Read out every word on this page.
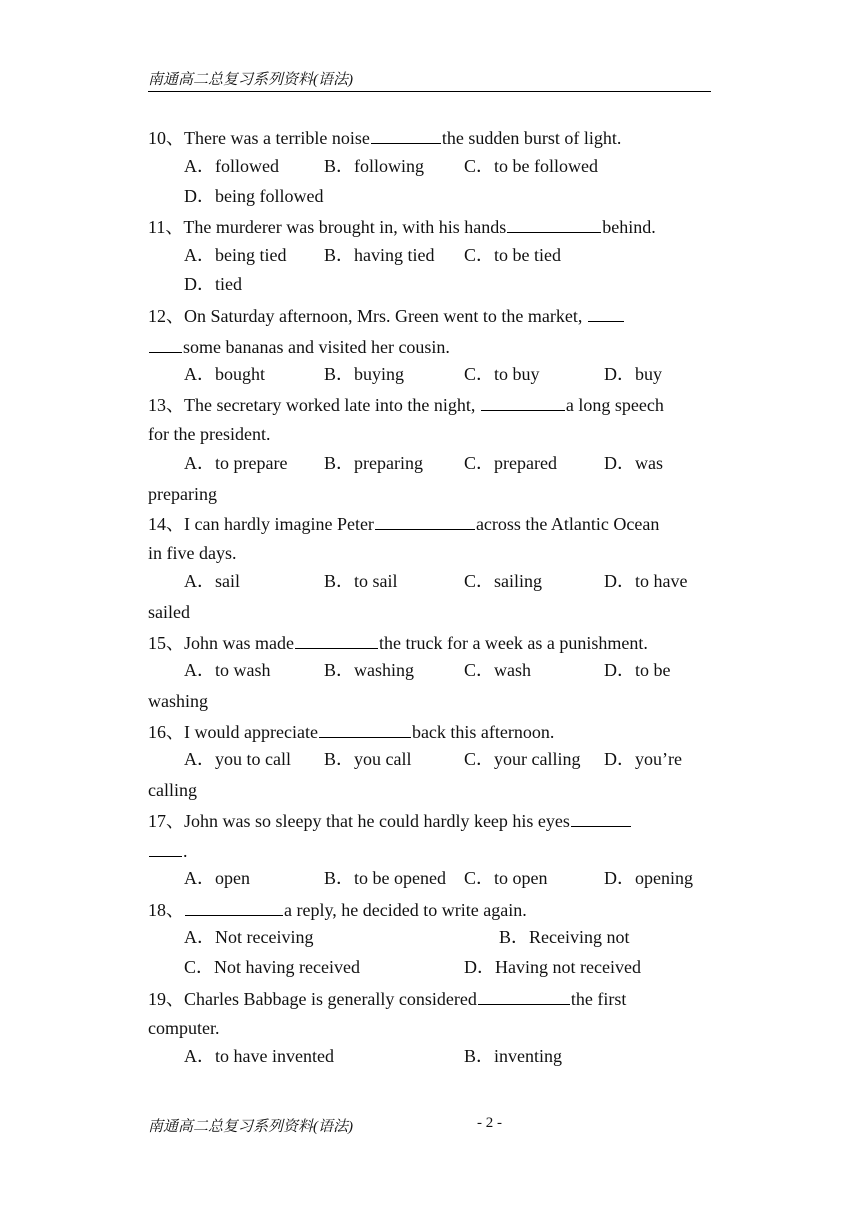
南通高二总复习系列资料(语法)
10、There was a terrible noise	the sudden burst of light.
A．followed	B．following C．to be followed
D．being followed
11、The murderer was brought in, with his hands	behind.
A．being tied B．having tied C．to be tied
D．tied
12、On Saturday afternoon, Mrs. Green went to the market,
some bananas and visited her cousin.
A．bought	B．buying	C．to buy	D．buy
13、The secretary worked late into the night,	a long speech
for the president.
A．to prepare B．preparing C．prepared	D．was
preparing
14、I can hardly imagine Peter	across the Atlantic Ocean
in five days.
A．sail	B．to sail	C．sailing	D．to have
sailed
15、John was made	the truck for a week as a punishment.
A．to wash	B．washing	C．wash	D．to be
washing
16、I would appreciate	back this afternoon.
A．you to call B．you call	C．your calling D．you’re
calling
17、John was so sleepy that he could hardly keep his eyes
.
A．open	B．to be opened C．to open	D．opening
18、	a reply, he decided to write again.
A．Not receiving	B．Receiving not
C．Not having received	D．Having not received
19、Charles Babbage is generally considered	the first
computer.
A．to have invented	B．inventing
南通高二总复习系列资料(语法)	- 2 -
